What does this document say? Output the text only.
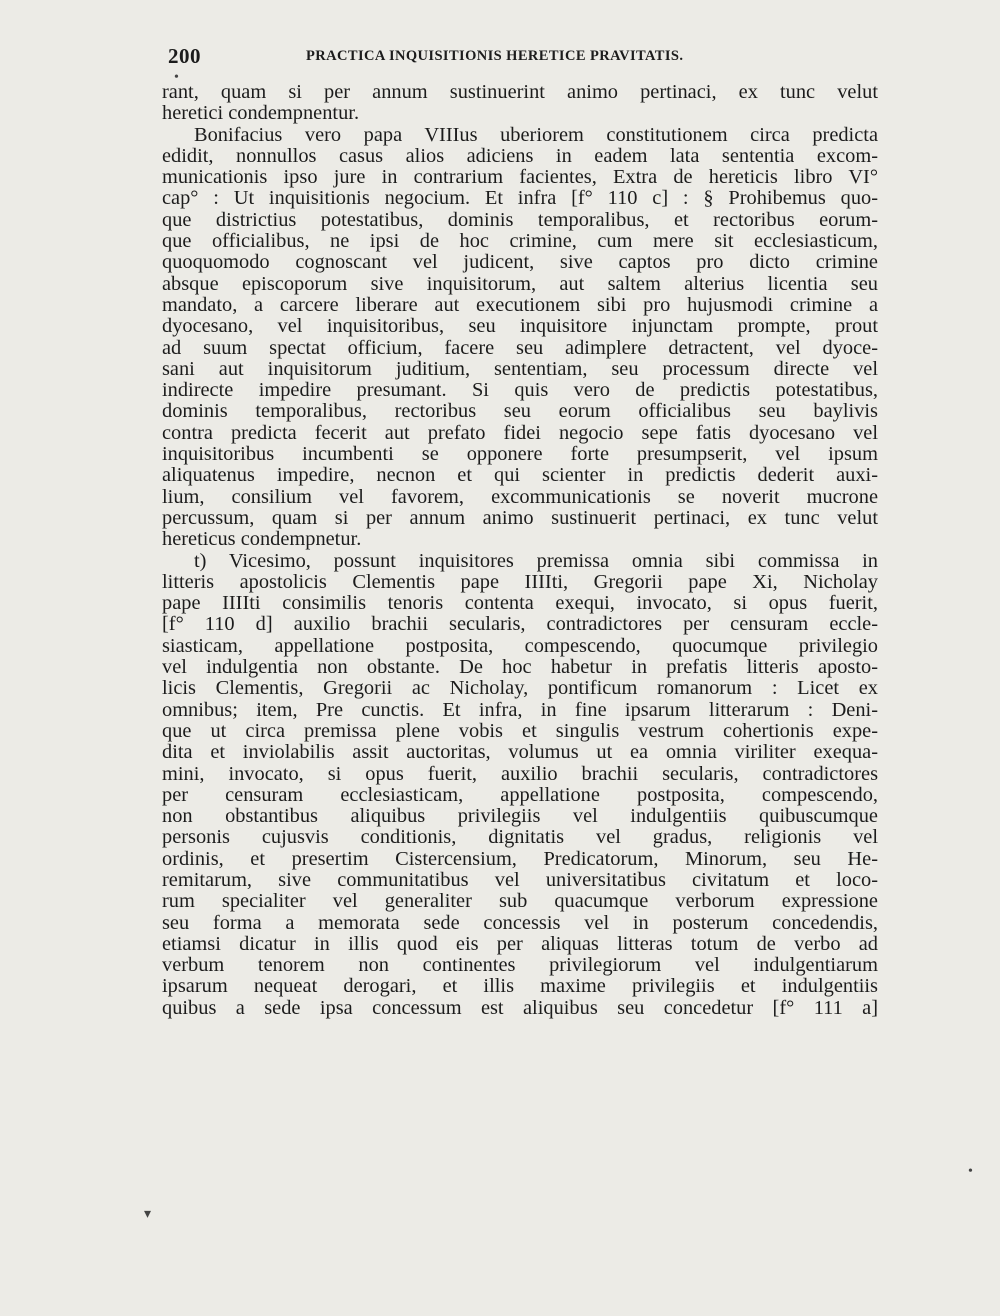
200	PRACTICA INQUISITIONIS HERETICE PRAVITATIS.
•
•
▾
rant, quam si per annum sustinuerint animo pertinaci, ex tunc velut
heretici condempnentur.
Bonifacius vero papa VIIIus uberiorem constitutionem circa predicta
edidit, nonnullos casus alios adiciens in eadem lata sententia excom-
municationis ipso jure in contrarium facientes, Extra de hereticis libro VI°
cap° : Ut inquisitionis negocium. Et infra [f° 110 c] : § Prohibemus quo-
que districtius potestatibus, dominis temporalibus, et rectoribus eorum-
que officialibus, ne ipsi de hoc crimine, cum mere sit ecclesiasticum,
quoquomodo cognoscant vel judicent, sive captos pro dicto crimine
absque episcoporum sive inquisitorum, aut saltem alterius licentia seu
mandato, a carcere liberare aut executionem sibi pro hujusmodi crimine a
dyocesano, vel inquisitoribus, seu inquisitore injunctam prompte, prout
ad suum spectat officium, facere seu adimplere detractent, vel dyoce-
sani aut inquisitorum juditium, sententiam, seu processum directe vel
indirecte impedire presumant. Si quis vero de predictis potestatibus,
dominis temporalibus, rectoribus seu eorum officialibus seu baylivis
contra predicta fecerit aut prefato fidei negocio sepe fatis dyocesano vel
inquisitoribus incumbenti se opponere forte presumpserit, vel ipsum
aliquatenus impedire, necnon et qui scienter in predictis dederit auxi-
lium, consilium vel favorem, excommunicationis se noverit mucrone
percussum, quam si per annum animo sustinuerit pertinaci, ex tunc velut
hereticus condempnetur.
t) Vicesimo, possunt inquisitores premissa omnia sibi commissa in
litteris apostolicis Clementis pape IIIIti, Gregorii pape Xi, Nicholay
pape IIIIti consimilis tenoris contenta exequi, invocato, si opus fuerit,
[f° 110 d] auxilio brachii secularis, contradictores per censuram eccle-
siasticam, appellatione postposita, compescendo, quocumque privilegio
vel indulgentia non obstante. De hoc habetur in prefatis litteris aposto-
licis Clementis, Gregorii ac Nicholay, pontificum romanorum : Licet ex
omnibus; item, Pre cunctis. Et infra, in fine ipsarum litterarum : Deni-
que ut circa premissa plene vobis et singulis vestrum cohertionis expe-
dita et inviolabilis assit auctoritas, volumus ut ea omnia viriliter exequa-
mini, invocato, si opus fuerit, auxilio brachii secularis, contradictores
per censuram ecclesiasticam, appellatione postposita, compescendo,
non obstantibus aliquibus privilegiis vel indulgentiis quibuscumque
personis cujusvis conditionis, dignitatis vel gradus, religionis vel
ordinis, et presertim Cistercensium, Predicatorum, Minorum, seu He-
remitarum, sive communitatibus vel universitatibus civitatum et loco-
rum specialiter vel generaliter sub quacumque verborum expressione
seu forma a memorata sede concessis vel in posterum concedendis,
etiamsi dicatur in illis quod eis per aliquas litteras totum de verbo ad
verbum tenorem non continentes privilegiorum vel indulgentiarum
ipsarum nequeat derogari, et illis maxime privilegiis et indulgentiis
quibus a sede ipsa concessum est aliquibus seu concedetur [f° 111 a]
